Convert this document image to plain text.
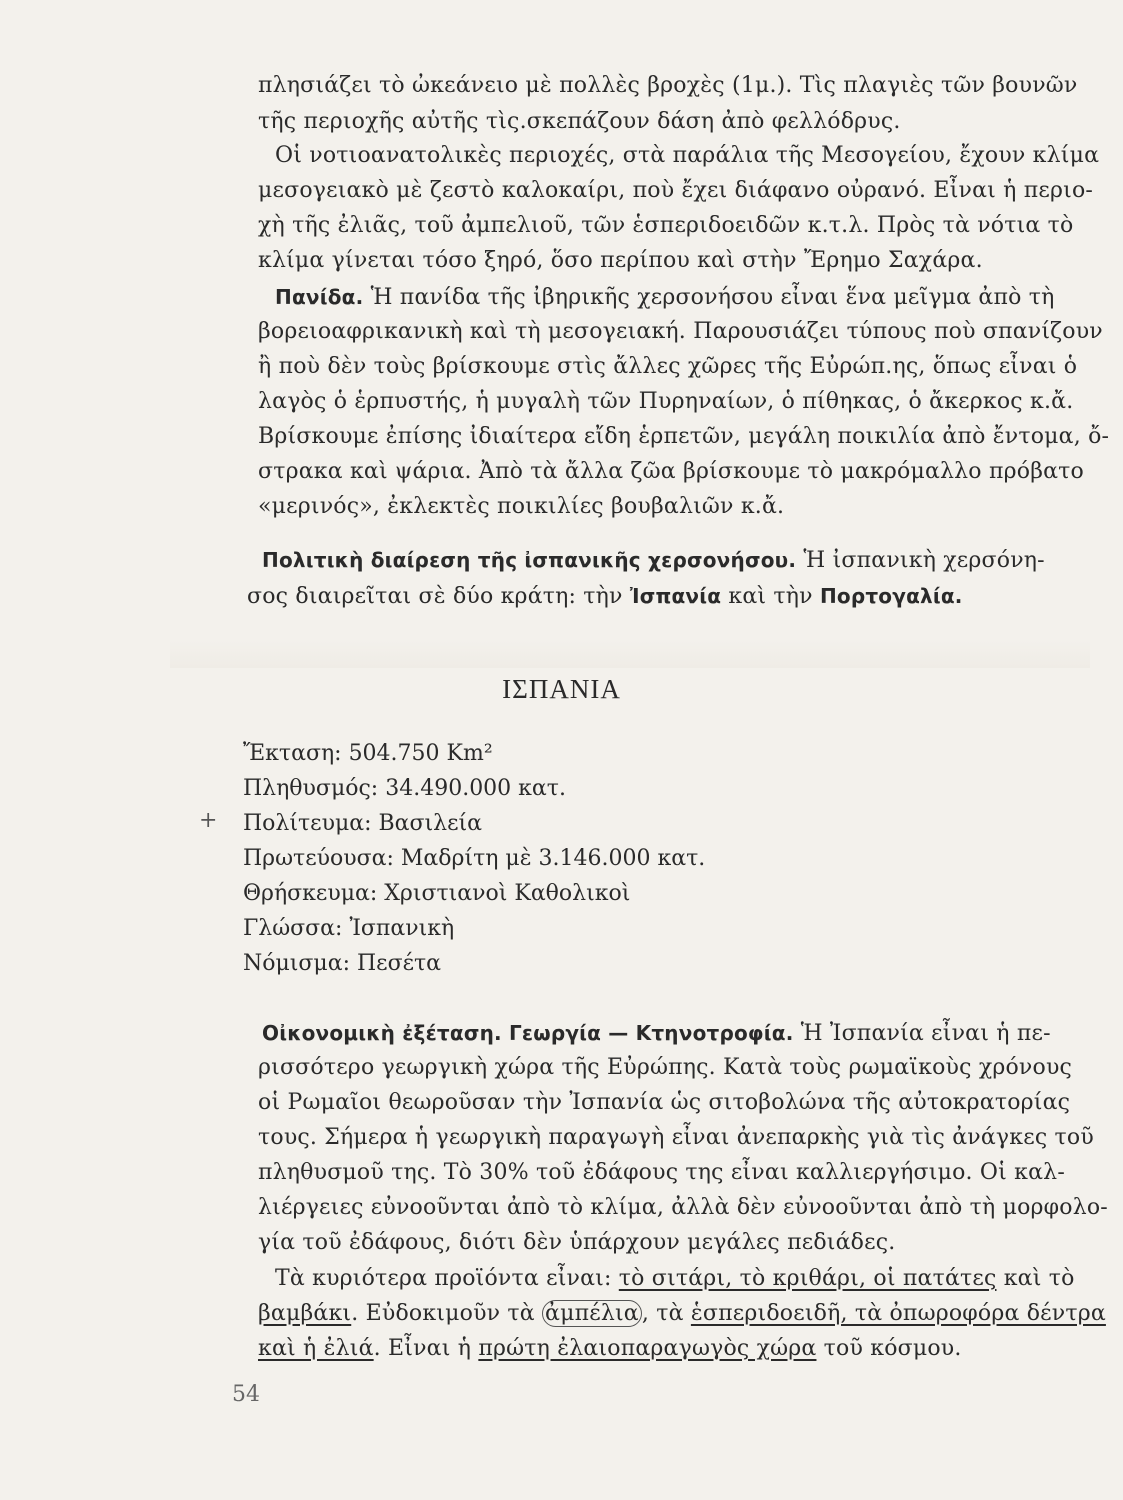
πλησιάζει τὸ ὠκεάνειο μὲ πολλὲς βροχὲς (1μ.). Τὶς πλαγιὲς τῶν βουνῶν
τῆς περιοχῆς αὐτῆς τὶς.σκεπάζουν δάση ἀπὸ φελλόδρυς.
Οἱ νοτιοανατολικὲς περιοχές, στὰ παράλια τῆς Μεσογείου, ἔχουν κλίμα
μεσογειακὸ μὲ ζεστὸ καλοκαίρι, ποὺ ἔχει διάφανο οὐρανό. Εἶναι ἡ περιο-
χὴ τῆς ἐλιᾶς, τοῦ ἀμπελιοῦ, τῶν ἑσπεριδοειδῶν κ.τ.λ. Πρὸς τὰ νότια τὸ
κλίμα γίνεται τόσο ξηρό, ὅσο περίπου καὶ στὴν Ἔρημο Σαχάρα.
Πανίδα. Ἡ πανίδα τῆς ἰβηρικῆς χερσονήσου εἶναι ἕνα μεῖγμα ἀπὸ τὴ
βορειοαφρικανικὴ καὶ τὴ μεσογειακή. Παρουσιάζει τύπους ποὺ σπανίζουν
ἢ ποὺ δὲν τοὺς βρίσκουμε στὶς ἄλλες χῶρες τῆς Εὐρώπ.ης, ὅπως εἶναι ὁ
λαγὸς ὁ ἑρπυστής, ἡ μυγαλὴ τῶν Πυρηναίων, ὁ πίθηκας, ὁ ἄκερκος κ.ἄ.
Βρίσκουμε ἐπίσης ἰδιαίτερα εἴδη ἑρπετῶν, μεγάλη ποικιλία ἀπὸ ἔντομα, ὄ-
στρακα καὶ ψάρια. Ἀπὸ τὰ ἄλλα ζῶα βρίσκουμε τὸ μακρόμαλλο πρόβατο
«μερινός», ἐκλεκτὲς ποικιλίες βουβαλιῶν κ.ἄ.
Πολιτικὴ διαίρεση τῆς ἰσπανικῆς χερσονήσου. Ἡ ἰσπανικὴ χερσόνη-
σος διαιρεῖται σὲ δύο κράτη: τὴν Ἰσπανία καὶ τὴν Πορτογαλία.
ΙΣΠΑΝΙΑ
Ἔκταση: 504.750 Km²
Πληθυσμός: 34.490.000 κατ.
+ Πολίτευμα: Βασιλεία
Πρωτεύουσα: Μαδρίτη μὲ 3.146.000 κατ.
Θρήσκευμα: Χριστιανοὶ Καθολικοὶ
Γλώσσα: Ἰσπανικὴ
Νόμισμα: Πεσέτα
Οἰκονομικὴ ἐξέταση. Γεωργία — Κτηνοτροφία. Ἡ Ἰσπανία εἶναι ἡ πε-
ρισσότερο γεωργικὴ χώρα τῆς Εὐρώπης. Κατὰ τοὺς ρωμαϊκοὺς χρόνους
οἱ Ρωμαῖοι θεωροῦσαν τὴν Ἰσπανία ὡς σιτοβολώνα τῆς αὐτοκρατορίας
τους. Σήμερα ἡ γεωργικὴ παραγωγὴ εἶναι ἀνεπαρκὴς γιὰ τὶς ἀνάγκες τοῦ
πληθυσμοῦ της. Τὸ 30% τοῦ ἐδάφους της εἶναι καλλιεργήσιμο. Οἱ καλ-
λιέργειες εὐνοοῦνται ἀπὸ τὸ κλίμα, ἀλλὰ δὲν εὐνοοῦνται ἀπὸ τὴ μορφολο-
γία τοῦ ἐδάφους, διότι δὲν ὑπάρχουν μεγάλες πεδιάδες.
Τὰ κυριότερα προϊόντα εἶναι: τὸ σιτάρι, τὸ κριθάρι, οἱ πατάτες καὶ τὸ
βαμβάκι. Εὐδοκιμοῦν τὰ ἀμπέλια , τὰ ἑσπεριδοειδῆ, τὰ ὀπωροφόρα δέντρα
καὶ ἡ ἐλιά. Εἶναι ἡ πρώτη ἐλαιοπαραγωγὸς χώρα τοῦ κόσμου.
54
